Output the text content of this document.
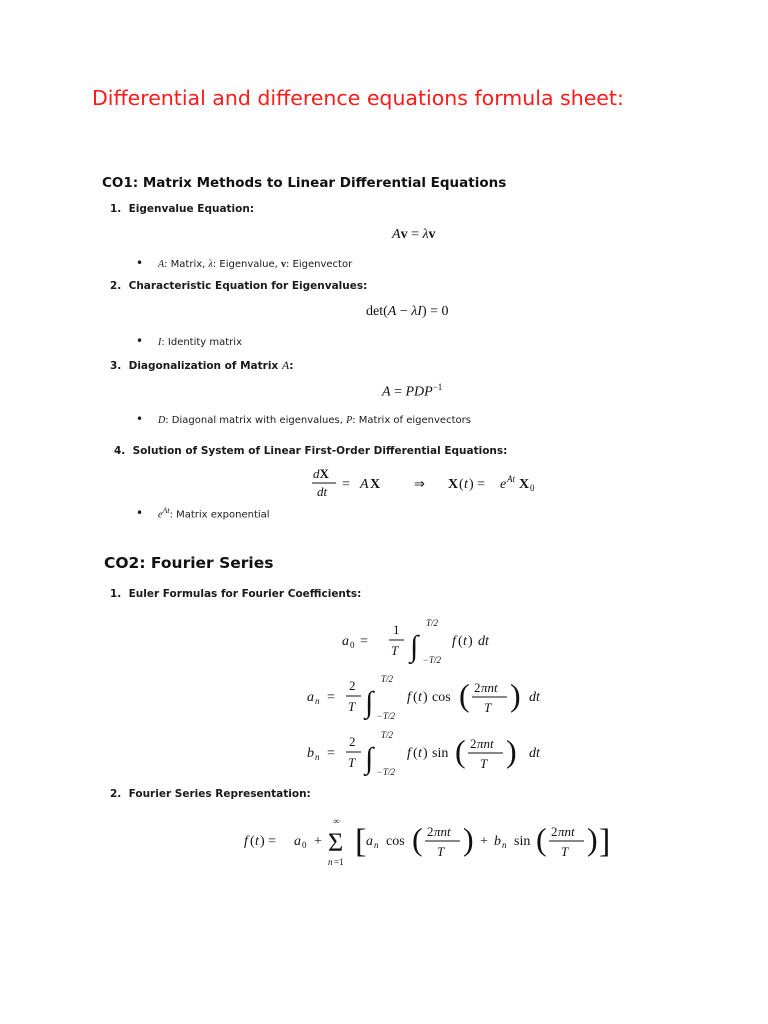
Differential and difference equations formula sheet:
CO1: Matrix Methods to Linear Differential Equations
1. Eigenvalue Equation:
Av = λv
• A: Matrix, λ: Eigenvalue, v: Eigenvector
2. Characteristic Equation for Eigenvalues:
det(A − λI) = 0
• I: Identity matrix
3. Diagonalization of Matrix A:
$A = PDP^{-1}$
• D: Diagonal matrix with eigenvalues, P: Matrix of eigenvectors
4. Solution of System of Linear First-Order Differential Equations:
dX
dt = A X	⇒ X ( t ) = e At X 0
• $e^{At}$: Matrix exponential
CO2: Fourier Series
1. Euler Formulas for Fourier Coefficients:
a 0 =
1
T ∫
T/2
− T/2
f ( t ) dt
a n =
2
T ∫
T/2
− T/2
f ( t ) cos ( 2 πnt
T ) dt
b n =
2
T ∫
T/2
− T/2
f ( t ) sin ( 2 πnt
T ) dt
2. Fourier Series Representation:
f ( t ) = a 0 +
∞
Σ
n =1
[ a n cos ( 2 πnt
T ) + b n sin ( 2 πnt
T ) ]
